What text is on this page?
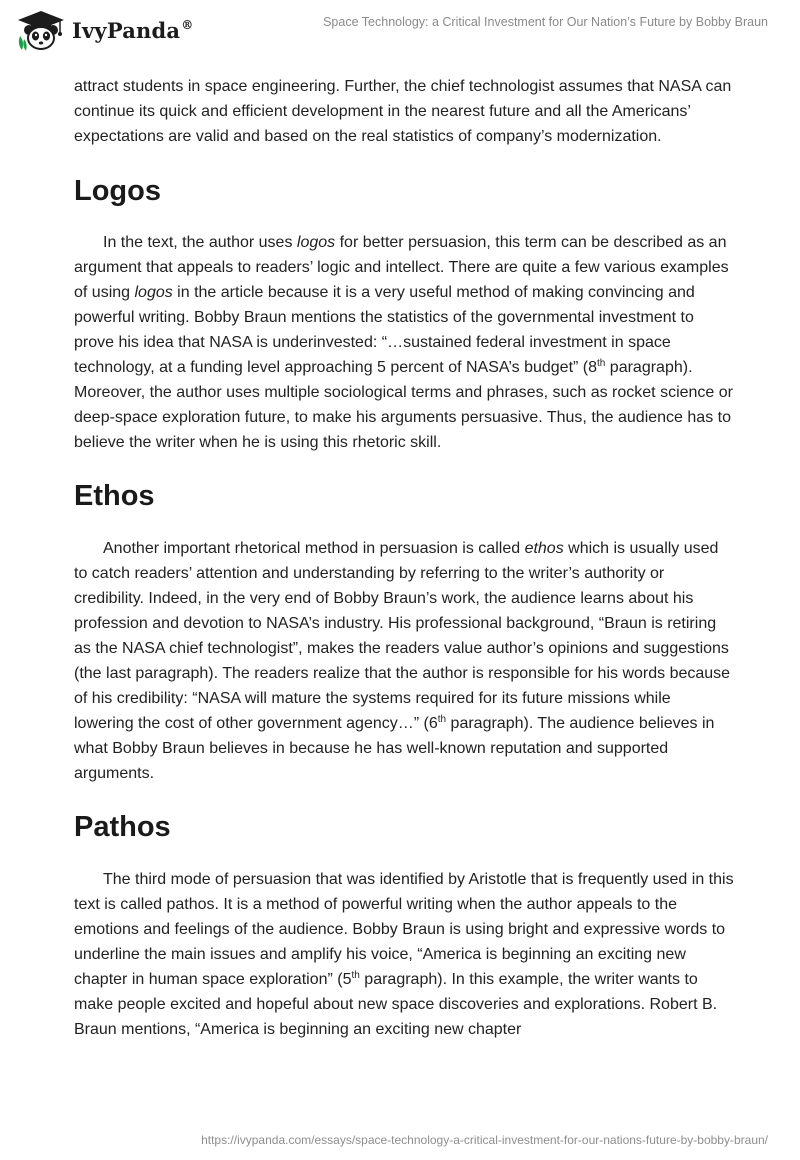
IvyPanda®	Space Technology: a Critical Investment for Our Nation’s Future by Bobby Braun

attract students in space engineering. Further, the chief technologist assumes that NASA can continue its quick and efficient development in the nearest future and all the Americans’ expectations are valid and based on the real statistics of company’s modernization.

Logos

In the text, the author uses logos for better persuasion, this term can be described as an argument that appeals to readers’ logic and intellect. There are quite a few various examples of using logos in the article because it is a very useful method of making convincing and powerful writing. Bobby Braun mentions the statistics of the governmental investment to prove his idea that NASA is underinvested: “…sustained federal investment in space technology, at a funding level approaching 5 percent of NASA’s budget” (8th paragraph). Moreover, the author uses multiple sociological terms and phrases, such as rocket science or deep-space exploration future, to make his arguments persuasive. Thus, the audience has to believe the writer when he is using this rhetoric skill.

Ethos

Another important rhetorical method in persuasion is called ethos which is usually used to catch readers’ attention and understanding by referring to the writer’s authority or credibility. Indeed, in the very end of Bobby Braun’s work, the audience learns about his profession and devotion to NASA’s industry. His professional background, “Braun is retiring as the NASA chief technologist”, makes the readers value author’s opinions and suggestions (the last paragraph). The readers realize that the author is responsible for his words because of his credibility: “NASA will mature the systems required for its future missions while lowering the cost of other government agency…” (6th paragraph). The audience believes in what Bobby Braun believes in because he has well-known reputation and supported arguments.

Pathos

The third mode of persuasion that was identified by Aristotle that is frequently used in this text is called pathos. It is a method of powerful writing when the author appeals to the emotions and feelings of the audience. Bobby Braun is using bright and expressive words to underline the main issues and amplify his voice, “America is beginning an exciting new chapter in human space exploration” (5th paragraph). In this example, the writer wants to make people excited and hopeful about new space discoveries and explorations. Robert B. Braun mentions, “America is beginning an exciting new chapter

https://ivypanda.com/essays/space-technology-a-critical-investment-for-our-nations-future-by-bobby-braun/
